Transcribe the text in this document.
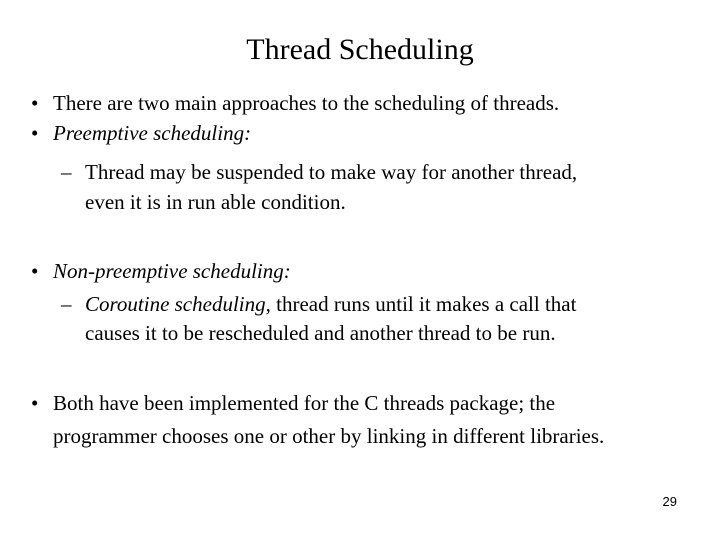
Thread Scheduling
• There are two main approaches to the scheduling of threads.
• Preemptive scheduling:
– Thread may be suspended to make way for another thread,
even it is in run able condition.
• Non-preemptive scheduling:
– Coroutine scheduling, thread runs until it makes a call that
causes it to be rescheduled and another thread to be run.
• Both have been implemented for the C threads package; the
programmer chooses one or other by linking in different libraries.
29
